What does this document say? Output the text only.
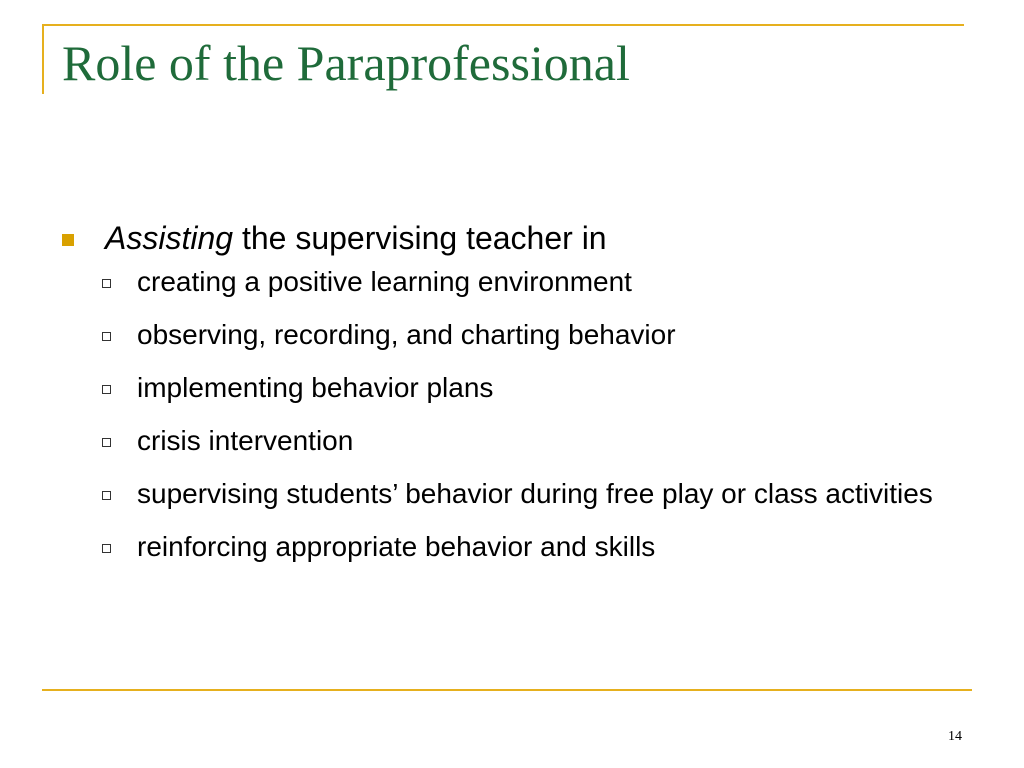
Role of the Paraprofessional
Assisting the supervising teacher in
creating a positive learning environment
observing, recording, and charting behavior
implementing behavior plans
crisis intervention
supervising students’ behavior during free play or class activities
reinforcing appropriate behavior and skills
14
